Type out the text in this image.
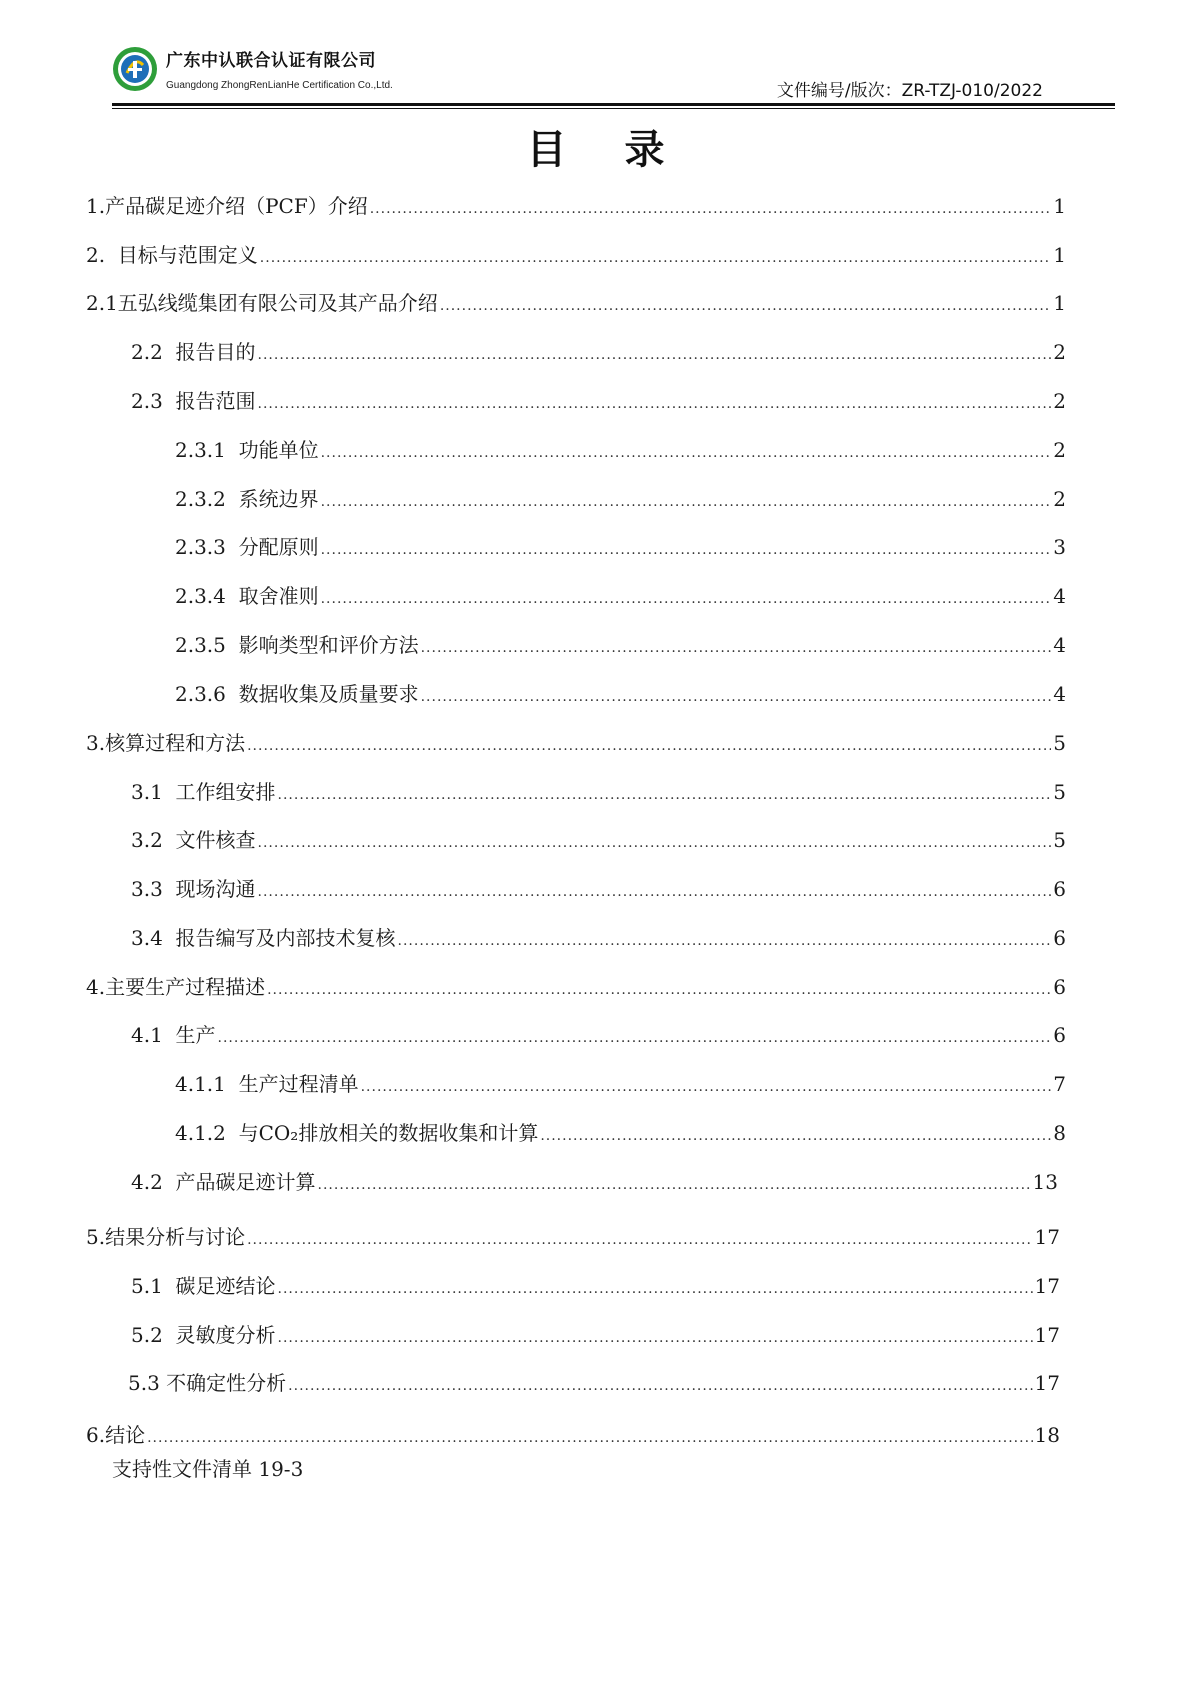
广东中认联合认证有限公司
Guangdong ZhongRenLianHe Certification Co.,Ltd.	文件编号/版次：ZR-TZJ-010/2022
目 录
1.产品碳足迹介绍（PCF）介绍 .....	1
2.  目标与范围定义 .....	1
2.1五弘线缆集团有限公司及其产品介绍 .....	1
2.2  报告目的 .....	2
2.3  报告范围 .....	2
2.3.1  功能单位 .....	2
2.3.2  系统边界 .....	2
2.3.3  分配原则 .....	3
2.3.4  取舍准则 .....	4
2.3.5  影响类型和评价方法 .....	4
2.3.6  数据收集及质量要求 .....	4
3.核算过程和方法 .....	5
3.1  工作组安排 .....	5
3.2  文件核查 .....	5
3.3  现场沟通 .....	6
3.4  报告编写及内部技术复核 .....	6
4.主要生产过程描述 .....	6
4.1  生产 .....	6
4.1.1  生产过程清单 .....	7
4.1.2  与CO₂排放相关的数据收集和计算 .....	8
4.2  产品碳足迹计算 .....	13
5.结果分析与讨论 .....	17
5.1  碳足迹结论 .....	17
5.2  灵敏度分析 .....	17
5.3 不确定性分析 .....	17
6.结论 .....	18
支持性文件清单 19-3
